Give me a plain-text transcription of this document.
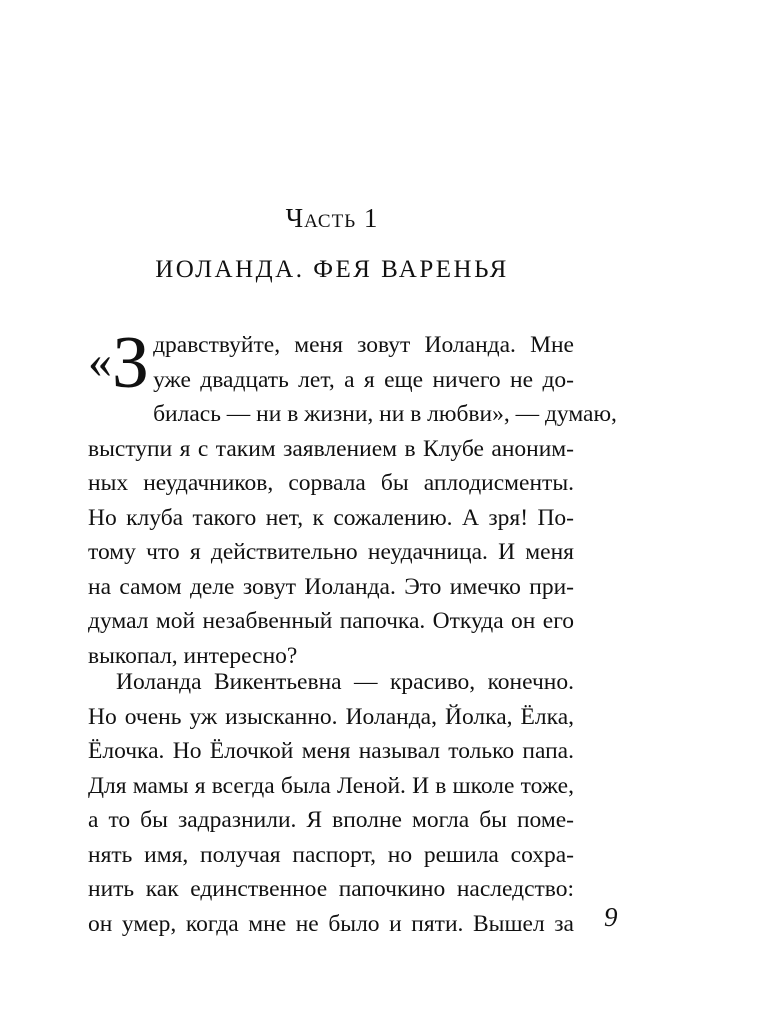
Часть 1
ИОЛАНДА. ФЕЯ ВАРЕНЬЯ
« З дравствуйте, меня зовут Иоланда. Мне
уже двадцать лет, а я еще ничего не до-
билась — ни в жизни, ни в любви», — думаю,
выступи я с таким заявлением в Клубе аноним-
ных неудачников, сорвала бы аплодисменты.
Но клуба такого нет, к сожалению. А зря! По-
тому что я действительно неудачница. И меня
на самом деле зовут Иоланда. Это имечко при-
думал мой незабвенный папочка. Откуда он его
выкопал, интересно?
Иоланда Викентьевна — красиво, конечно.
Но очень уж изысканно. Иоланда, Йолка, Ёлка,
Ёлочка. Но Ёлочкой меня называл только папа.
Для мамы я всегда была Леной. И в школе тоже,
а то бы задразнили. Я вполне могла бы поме-
нять имя, получая паспорт, но решила сохра-
нить как единственное папочкино наследство:
он умер, когда мне не было и пяти. Вышел за 9
